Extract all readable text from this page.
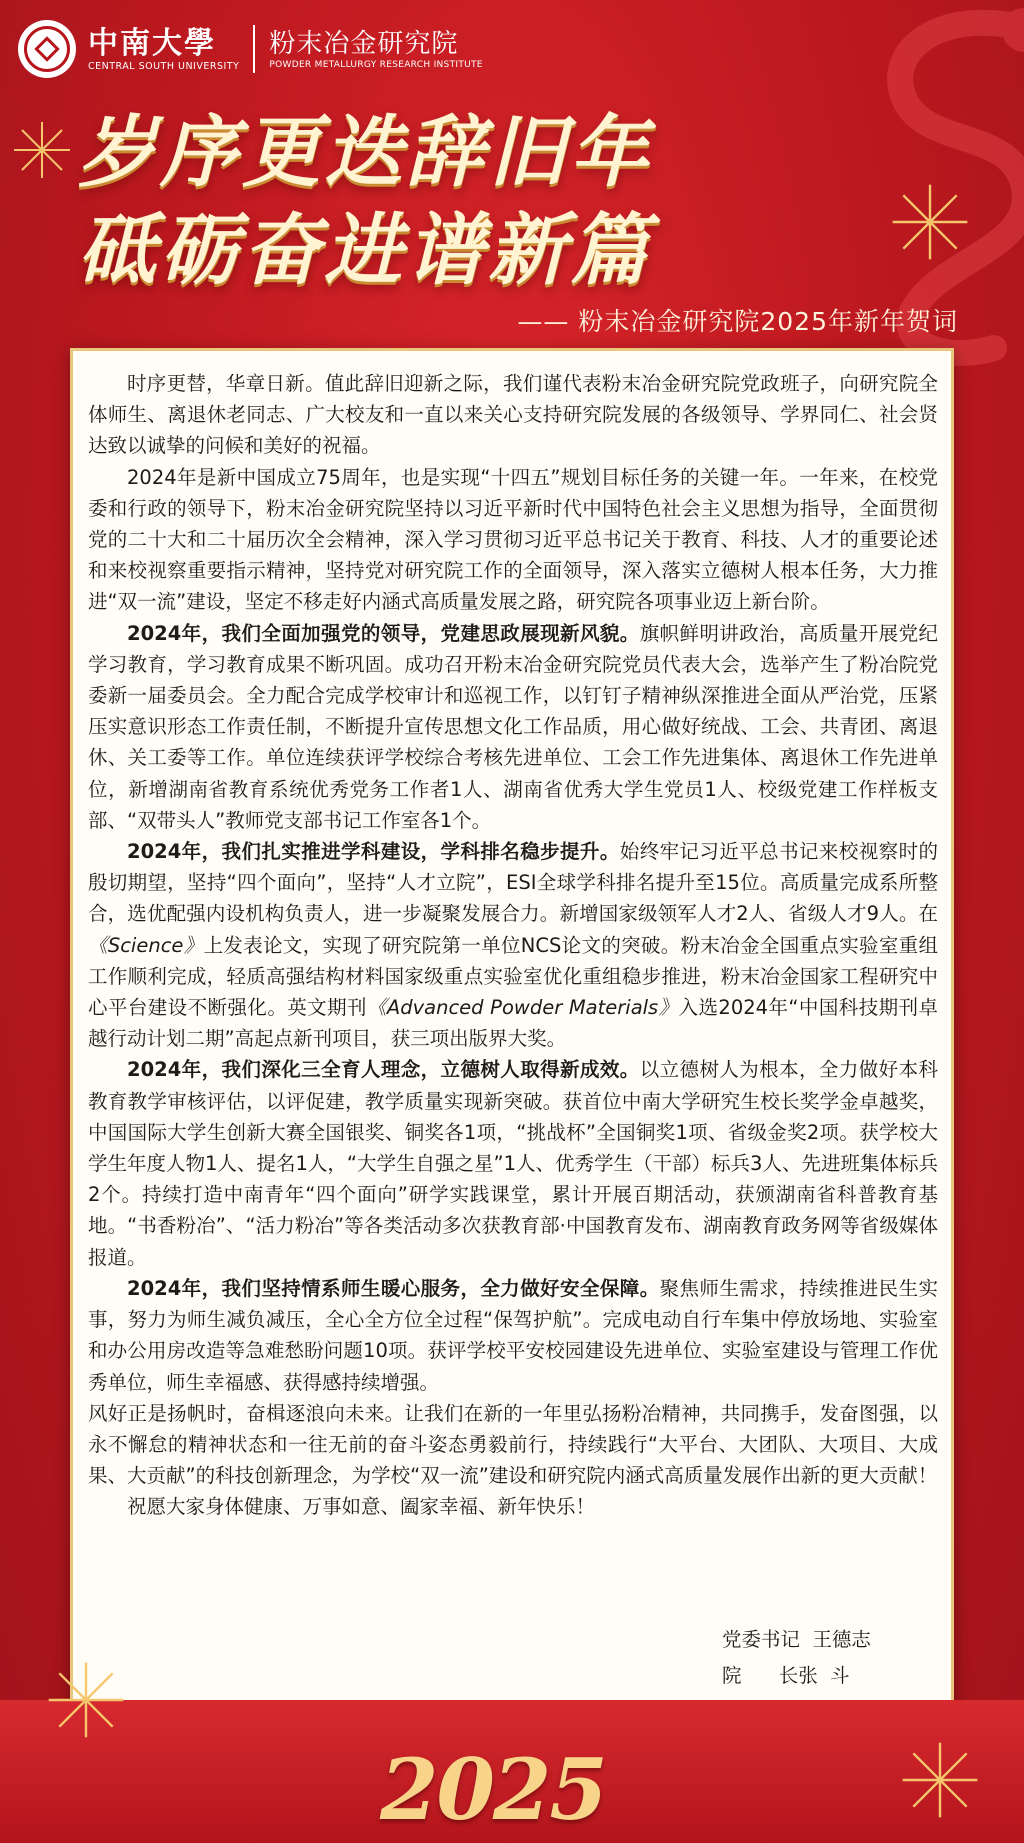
中南大學
CENTRAL SOUTH UNIVERSITY
粉末冶金研究院
POWDER METALLURGY RESEARCH INSTITUTE
岁序更迭辞旧年
砥砺奋进谱新篇

—— 粉末冶金研究院2025年新年贺词

时序更替，华章日新。值此辞旧迎新之际，我们谨代表粉末冶金研究院党政班子，向研究院全体师生、离退休老同志、广大校友和一直以来关心支持研究院发展的各级领导、学界同仁、社会贤达致以诚挚的问候和美好的祝福。

2024年是新中国成立75周年，也是实现“十四五”规划目标任务的关键一年。一年来，在校党委和行政的领导下，粉末冶金研究院坚持以习近平新时代中国特色社会主义思想为指导，全面贯彻党的二十大和二十届历次全会精神，深入学习贯彻习近平总书记关于教育、科技、人才的重要论述和来校视察重要指示精神，坚持党对研究院工作的全面领导，深入落实立德树人根本任务，大力推进“双一流”建设，坚定不移走好内涵式高质量发展之路，研究院各项事业迈上新台阶。

2024年，我们全面加强党的领导，党建思政展现新风貌。旗帜鲜明讲政治，高质量开展党纪学习教育，学习教育成果不断巩固。成功召开粉末冶金研究院党员代表大会，选举产生了粉冶院党委新一届委员会。全力配合完成学校审计和巡视工作，以钉钉子精神纵深推进全面从严治党，压紧压实意识形态工作责任制，不断提升宣传思想文化工作品质，用心做好统战、工会、共青团、离退休、关工委等工作。单位连续获评学校综合考核先进单位、工会工作先进集体、离退休工作先进单位，新增湖南省教育系统优秀党务工作者1人、湖南省优秀大学生党员1人、校级党建工作样板支部、“双带头人”教师党支部书记工作室各1个。

2024年，我们扎实推进学科建设，学科排名稳步提升。始终牢记习近平总书记来校视察时的殷切期望，坚持“四个面向”，坚持“人才立院”，ESI全球学科排名提升至15位。高质量完成系所整合，选优配强内设机构负责人，进一步凝聚发展合力。新增国家级领军人才2人、省级人才9人。在《Science》上发表论文，实现了研究院第一单位NCS论文的突破。粉末冶金全国重点实验室重组工作顺利完成，轻质高强结构材料国家级重点实验室优化重组稳步推进，粉末冶金国家工程研究中心平台建设不断强化。英文期刊《Advanced Powder Materials》入选2024年“中国科技期刊卓越行动计划二期”高起点新刊项目，获三项出版界大奖。

2024年，我们深化三全育人理念，立德树人取得新成效。以立德树人为根本，全力做好本科教育教学审核评估，以评促建，教学质量实现新突破。获首位中南大学研究生校长奖学金卓越奖，中国国际大学生创新大赛全国银奖、铜奖各1项，“挑战杯”全国铜奖1项、省级金奖2项。获学校大学生年度人物1人、提名1人，“大学生自强之星”1人、优秀学生（干部）标兵3人、先进班集体标兵2个。持续打造中南青年“四个面向”研学实践课堂，累计开展百期活动，获颁湖南省科普教育基地。“书香粉冶”、“活力粉冶”等各类活动多次获教育部·中国教育发布、湖南教育政务网等省级媒体报道。

2024年，我们坚持情系师生暖心服务，全力做好安全保障。聚焦师生需求，持续推进民生实事，努力为师生减负减压，全心全方位全过程“保驾护航”。完成电动自行车集中停放场地、实验室和办公用房改造等急难愁盼问题10项。获评学校平安校园建设先进单位、实验室建设与管理工作优秀单位，师生幸福感、获得感持续增强。

风好正是扬帆时，奋楫逐浪向未来。让我们在新的一年里弘扬粉冶精神，共同携手，发奋图强，以永不懈怠的精神状态和一往无前的奋斗姿态勇毅前行，持续践行“大平台、大团队、大项目、大成果、大贡献”的科技创新理念，为学校“双一流”建设和研究院内涵式高质量发展作出新的更大贡献！

祝愿大家身体健康、万事如意、阖家幸福、新年快乐！

党委书记  王德志
院      长张  斗
2025
